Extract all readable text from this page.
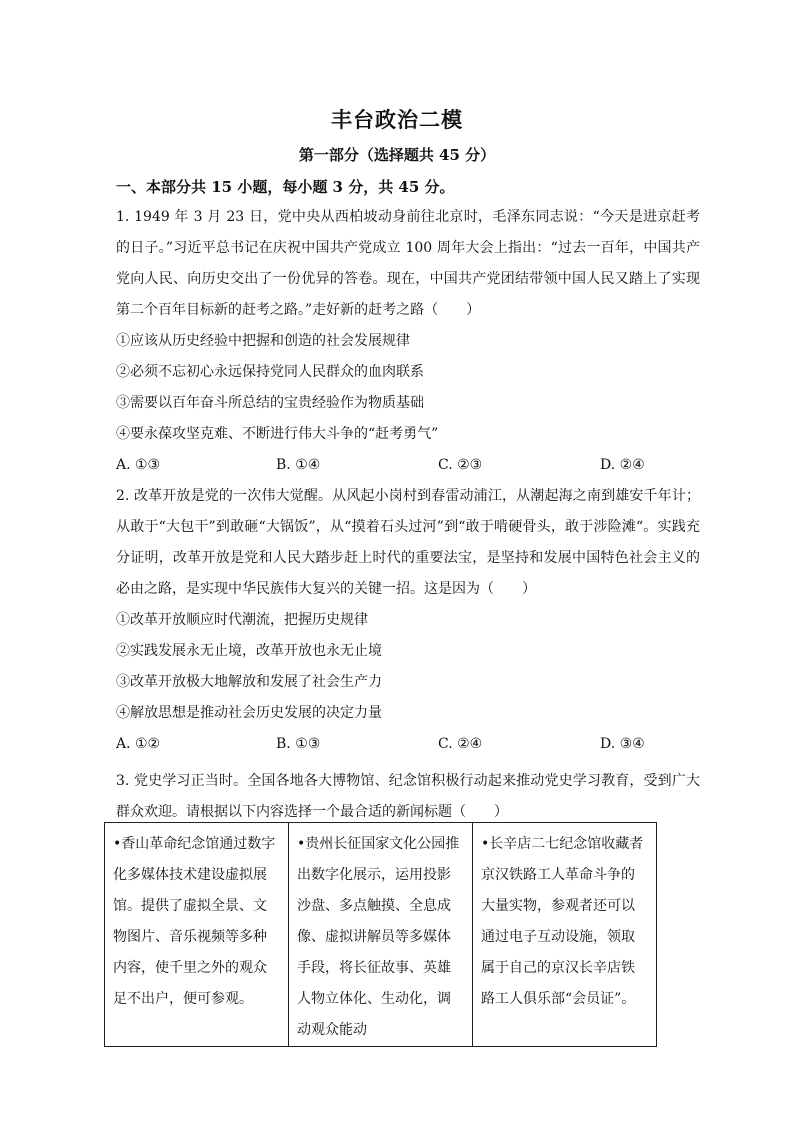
丰台政治二模
第一部分（选择题共 45 分）
一、本部分共 15 小题，每小题 3 分，共 45 分。

1. 1949 年 3 月 23 日，党中央从西柏坡动身前往北京时，毛泽东同志说：“今天是进京赶考的日子。”习近平总书记在庆祝中国共产党成立 100 周年大会上指出：“过去一百年，中国共产党向人民、向历史交出了一份优异的答卷。现在，中国共产党团结带领中国人民又踏上了实现第二个百年目标新的赶考之路。”走好新的赶考之路（　　）

①应该从历史经验中把握和创造的社会发展规律

②必须不忘初心永远保持党同人民群众的血肉联系

③需要以百年奋斗所总结的宝贵经验作为物质基础

④要永葆攻坚克难、不断进行伟大斗争的“赶考勇气”

A. ①③	B. ①④	C. ②③	D. ②④

2. 改革开放是党的一次伟大觉醒。从风起小岗村到春雷动浦江，从潮起海之南到雄安千年计；从敢于“大包干”到敢砸“大锅饭”，从“摸着石头过河”到“敢于啃硬骨头，敢于涉险滩“。实践充分证明，改革开放是党和人民大踏步赶上时代的重要法宝，是坚持和发展中国特色社会主义的必由之路，是实现中华民族伟大复兴的关键一招。这是因为（　　）

①改革开放顺应时代潮流，把握历史规律

②实践发展永无止境，改革开放也永无止境

③改革开放极大地解放和发展了社会生产力

④解放思想是推动社会历史发展的决定力量

A. ①②	B. ①③	C. ②④	D. ③④

3. 党史学习正当时。全国各地各大博物馆、纪念馆积极行动起来推动党史学习教育，受到广大群众欢迎。请根据以下内容选择一个最合适的新闻标题（　　）

•香山革命纪念馆通过数字化多媒体技术建设虚拟展馆。提供了虚拟全景、文物图片、音乐视频等多种内容，使千里之外的观众足不出户，便可参观。	•贵州长征国家文化公园推出数字化展示，运用投影沙盘、多点触摸、全息成像、虚拟讲解员等多媒体手段，将长征故事、英雄人物立体化、生动化，调动观众能动	•长辛店二七纪念馆收藏者京汉铁路工人革命斗争的大量实物，参观者还可以通过电子互动设施，领取属于自己的京汉长辛店铁路工人俱乐部“会员证”。
